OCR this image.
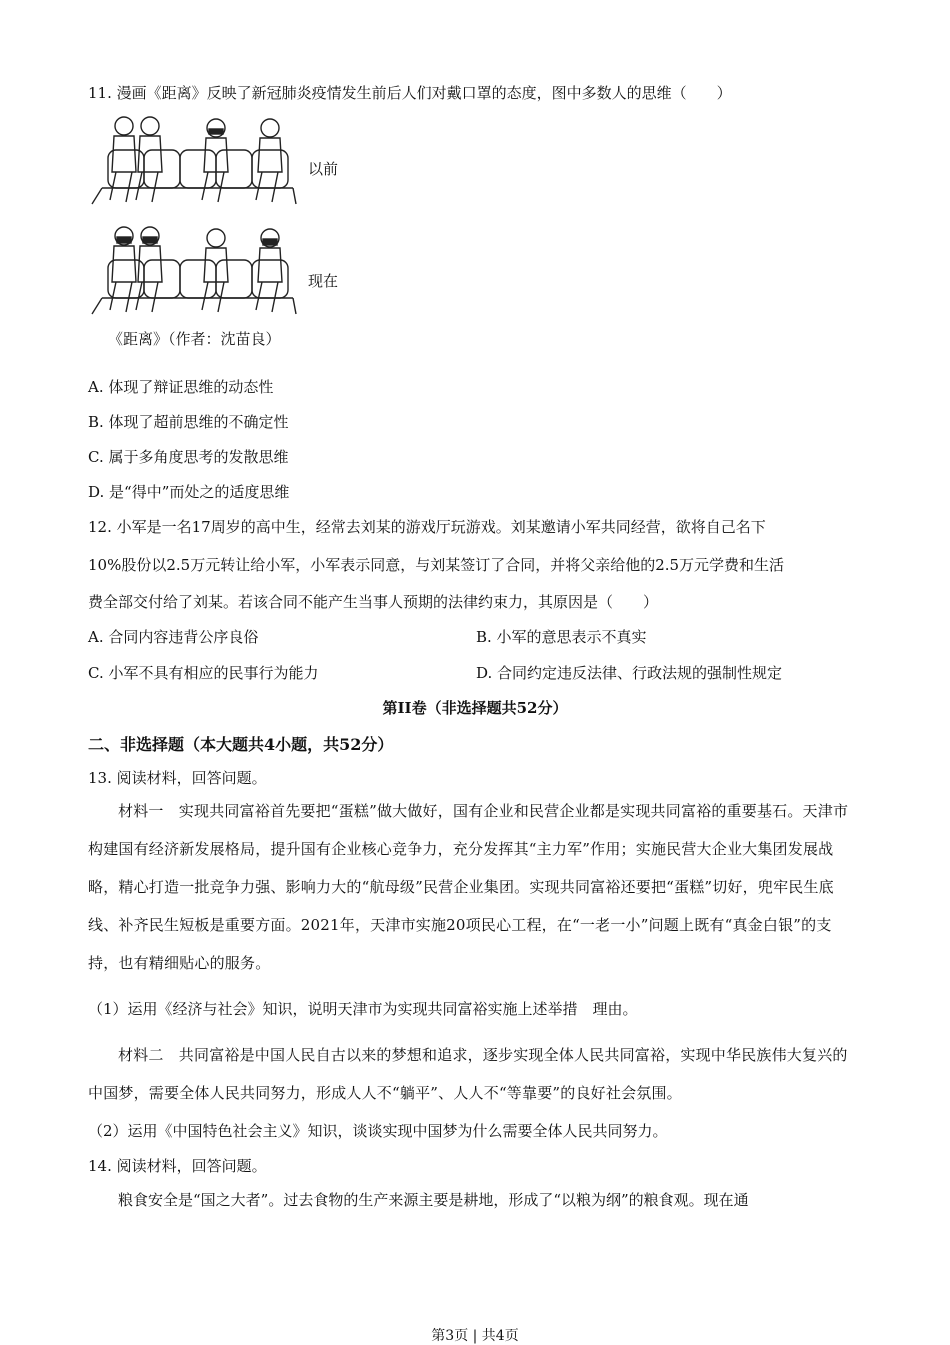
11. 漫画《距离》反映了新冠肺炎疫情发生前后人们对戴口罩的态度，图中多数人的思维（　　）
以前
现在
《距离》（作者：沈苗良）
A. 体现了辩证思维的动态性
B. 体现了超前思维的不确定性
C. 属于多角度思考的发散思维
D. 是“得中”而处之的适度思维
12. 小军是一名17周岁的高中生，经常去刘某的游戏厅玩游戏。刘某邀请小军共同经营，欲将自己名下
10%股份以2.5万元转让给小军，小军表示同意，与刘某签订了合同，并将父亲给他的2.5万元学费和生活
费全部交付给了刘某。若该合同不能产生当事人预期的法律约束力，其原因是（　　）
A. 合同内容违背公序良俗	B. 小军的意思表示不真实
C. 小军不具有相应的民事行为能力	D. 合同约定违反法律、行政法规的强制性规定
第II卷（非选择题共52分）
二、非选择题（本大题共4小题，共52分）
13. 阅读材料，回答问题。
材料一　实现共同富裕首先要把“蛋糕”做大做好，国有企业和民营企业都是实现共同富裕的重要基石。天津市构建国有经济新发展格局，提升国有企业核心竞争力，充分发挥其“主力军”作用；实施民营大企业大集团发展战略，精心打造一批竞争力强、影响力大的“航母级”民营企业集团。实现共同富裕还要把“蛋糕”切好，兜牢民生底线、补齐民生短板是重要方面。2021年，天津市实施20项民心工程，在“一老一小”问题上既有“真金白银”的支持，也有精细贴心的服务。
（1）运用《经济与社会》知识，说明天津市为实现共同富裕实施上述举措　理由。
材料二　共同富裕是中国人民自古以来的梦想和追求，逐步实现全体人民共同富裕，实现中华民族伟大复兴的中国梦，需要全体人民共同努力，形成人人不“躺平”、人人不“等靠要”的良好社会氛围。
（2）运用《中国特色社会主义》知识，谈谈实现中国梦为什么需要全体人民共同努力。
14. 阅读材料，回答问题。
粮食安全是“国之大者”。过去食物的生产来源主要是耕地，形成了“以粮为纲”的粮食观。现在通
第3页 | 共4页
